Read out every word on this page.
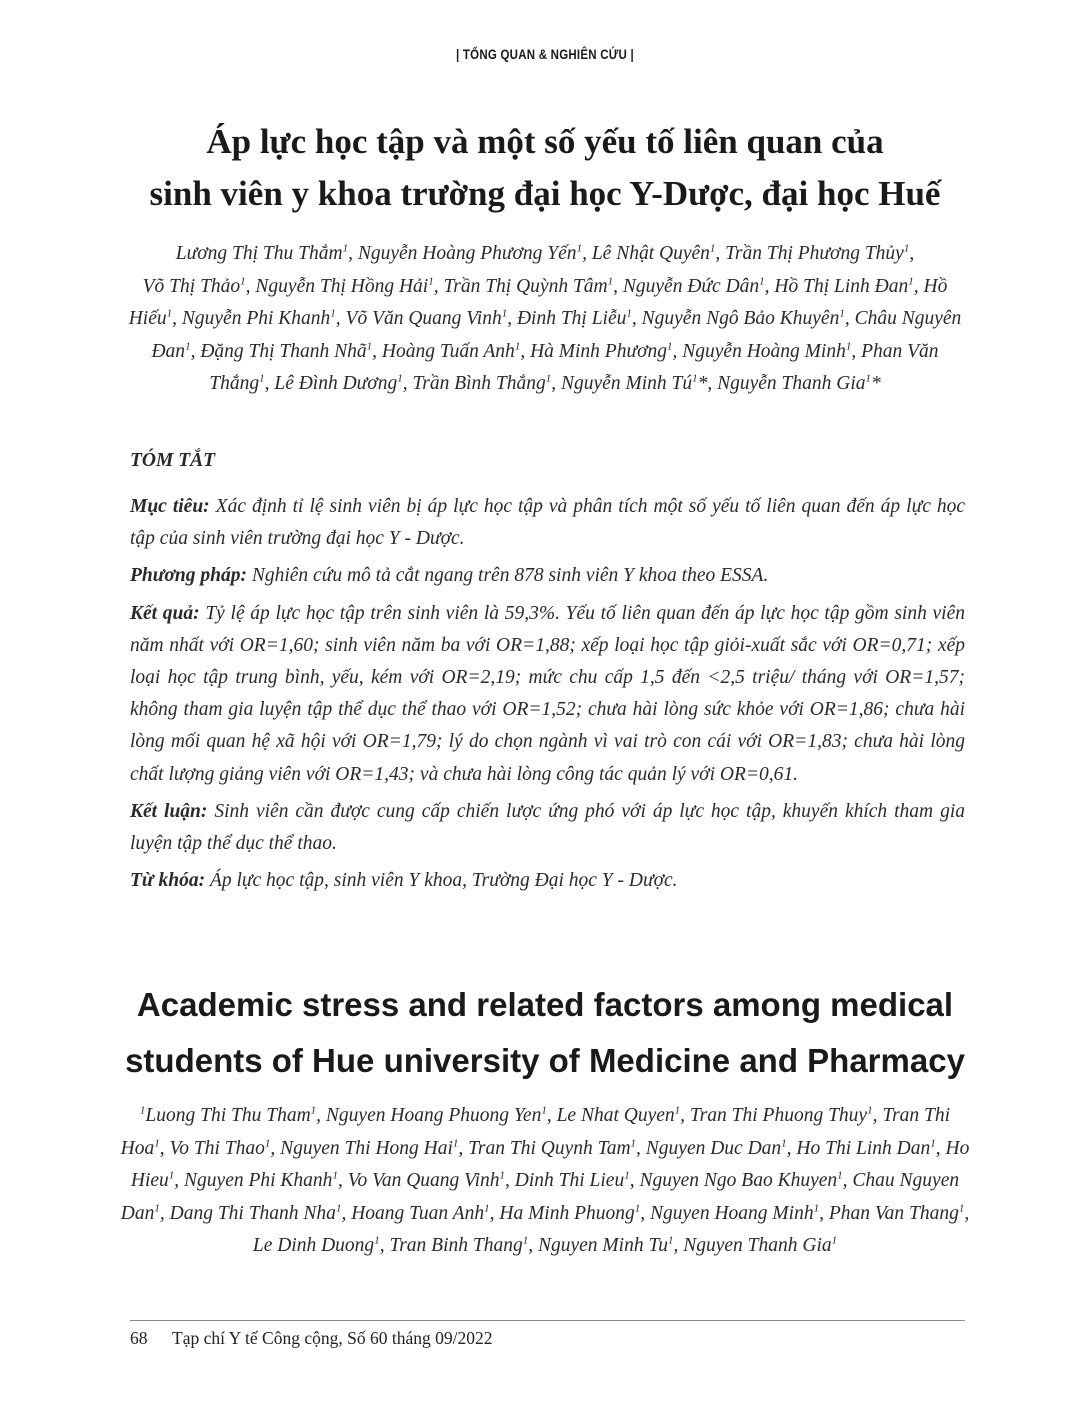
| TỔNG QUAN & NGHIÊN CỨU |
Áp lực học tập và một số yếu tố liên quan của
sinh viên y khoa trường đại học Y-Dược, đại học Huế
Lương Thị Thu Thắm$^1$, Nguyễn Hoàng Phương Yến$^1$, Lê Nhật Quyên$^1$, Trần Thị Phương Thủy$^1$,
Võ Thị Thảo$^1$, Nguyễn Thị Hồng Hải$^1$, Trần Thị Quỳnh Tâm$^1$, Nguyễn Đức Dân$^1$, Hồ Thị Linh Đan$^1$, Hồ Hiếu$^1$, Nguyễn Phi Khanh$^1$, Võ Văn Quang Vinh$^1$, Đinh Thị Liễu$^1$, Nguyễn Ngô Bảo Khuyên$^1$, Châu Nguyên Đan$^1$, Đặng Thị Thanh Nhã$^1$, Hoàng Tuấn Anh$^1$, Hà Minh Phương$^1$, Nguyễn Hoàng Minh$^1$, Phan Văn Thắng$^1$, Lê Đình Dương$^1$, Trần Bình Thắng$^1$, Nguyễn Minh $Tú^1*$, Nguyễn Thanh Gia$^1$*

TÓM TẮT

Mục tiêu: Xác định tỉ lệ sinh viên bị áp lực học tập và phân tích một số yếu tố liên quan đến áp lực học tập của sinh viên trường đại học Y - Dược.

Phương pháp: Nghiên cứu mô tả cắt ngang trên 878 sinh viên Y khoa theo ESSA.

Kết quả: Tỷ lệ áp lực học tập trên sinh viên là 59,3%. Yếu tố liên quan đến áp lực học tập gồm sinh viên năm nhất với OR=1,60; sinh viên năm ba với OR=1,88; xếp loại học tập giỏi-xuất sắc với OR=0,71; xếp loại học tập trung bình, yếu, kém với OR=2,19; mức chu cấp 1,5 đến <2,5 triệu/ tháng với OR=1,57; không tham gia luyện tập thể dục thể thao với OR=1,52; chưa hài lòng sức khỏe với OR=1,86; chưa hài lòng mối quan hệ xã hội với OR=1,79; lý do chọn ngành vì vai trò con cái với OR=1,83; chưa hài lòng chất lượng giảng viên với OR=1,43; và chưa hài lòng công tác quản lý với OR=0,61.

Kết luận: Sinh viên cần được cung cấp chiến lược ứng phó với áp lực học tập, khuyến khích tham gia luyện tập thể dục thể thao.

Từ khóa: Áp lực học tập, sinh viên Y khoa, Trường Đại học Y - Dược.

Academic stress and related factors among medical
students of Hue university of Medicine and Pharmacy
$^1$Luong Thi Thu Tham$^1$, Nguyen Hoang Phuong Yen$^1$, Le Nhat Quyen$^1$, Tran Thi Phuong Thuy$^1$, Tran Thi Hoa$^1$, Vo Thi Thao$^1$, Nguyen Thi Hong Hai$^1$, Tran Thi Quynh Tam$^1$, Nguyen Duc Dan$^1$, Ho Thi Linh Dan$^1$, Ho Hieu$^1$, Nguyen Phi Khanh$^1$, Vo Van Quang Vinh$^1$, Dinh Thi Lieu$^1$, Nguyen Ngo Bao Khuyen$^1$, Chau Nguyen Dan$^1$, Dang Thi Thanh Nha$^1$, Hoang Tuan Anh$^1$, Ha Minh Phuong$^1$, Nguyen Hoang Minh$^1$, Phan Van Thang$^1$, Le Dinh Duong$^1$, Tran Binh Thang$^1$, Nguyen Minh Tu$^1$, Nguyen Thanh Gia$^1$
68 Tạp chí Y tế Công cộng, Số 60 tháng 09/2022
